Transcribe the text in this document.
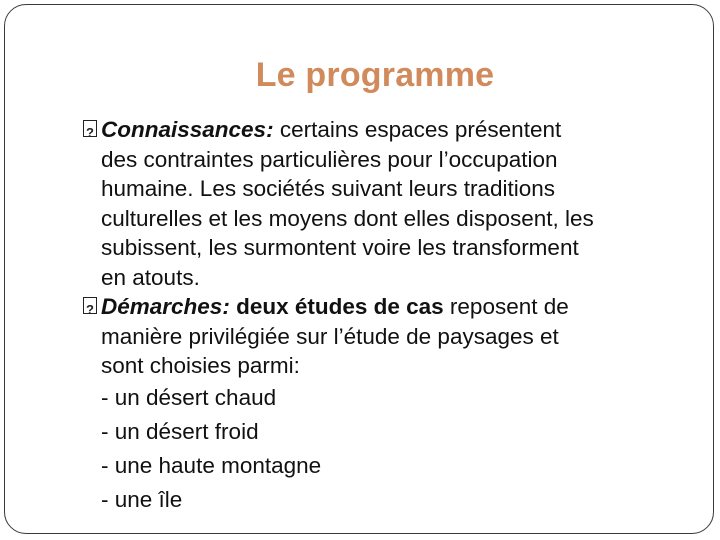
Le programme
?
Connaissances: certains espaces présentent
des contraintes particulières pour l’occupation
humaine. Les sociétés suivant leurs traditions
culturelles et les moyens dont elles disposent, les
subissent, les surmontent voire les transforment
en atouts.
?
Démarches: deux études de cas reposent de
manière privilégiée sur l’étude de paysages et
sont choisies parmi:
- un désert chaud
- un désert froid
- une haute montagne
- une île
